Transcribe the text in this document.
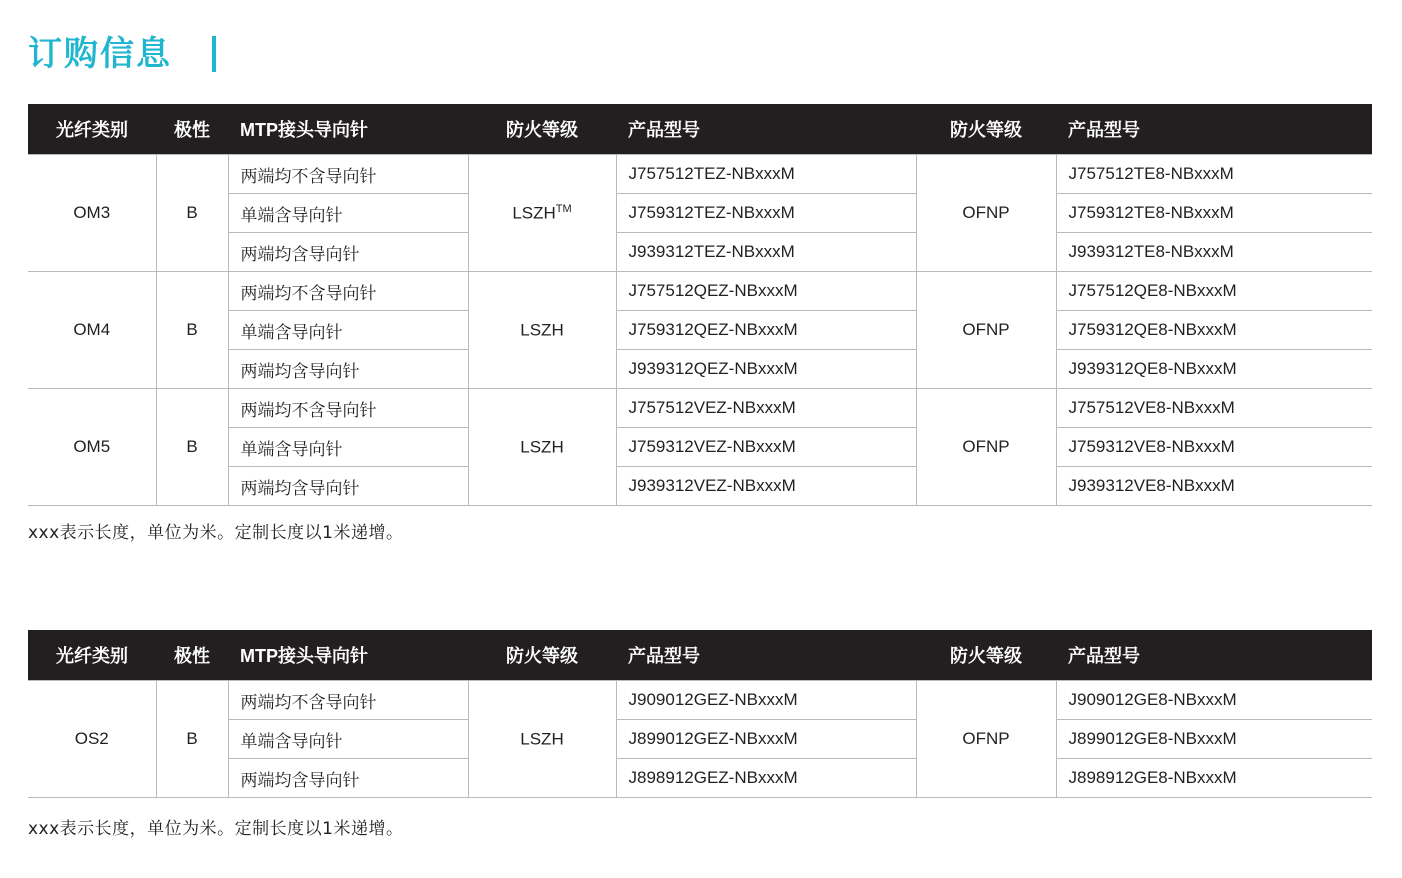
订购信息
光纤类别	极性	MTP接头导向针	防火等级	产品型号	防火等级	产品型号
OM3	B	两端均不含导向针	LSZH™	J757512TEZ-NBxxxM	OFNP	J757512TE8-NBxxxM
		单端含导向针		J759312TEZ-NBxxxM		J759312TE8-NBxxxM
		两端均含导向针		J939312TEZ-NBxxxM		J939312TE8-NBxxxM
OM4	B	两端均不含导向针	LSZH	J757512QEZ-NBxxxM	OFNP	J757512QE8-NBxxxM
		单端含导向针		J759312QEZ-NBxxxM		J759312QE8-NBxxxM
		两端均含导向针		J939312QEZ-NBxxxM		J939312QE8-NBxxxM
OM5	B	两端均不含导向针	LSZH	J757512VEZ-NBxxxM	OFNP	J757512VE8-NBxxxM
		单端含导向针		J759312VEZ-NBxxxM		J759312VE8-NBxxxM
		两端均含导向针		J939312VEZ-NBxxxM		J939312VE8-NBxxxM
xxx表示长度，单位为米。定制长度以1米递增。
光纤类别	极性	MTP接头导向针	防火等级	产品型号	防火等级	产品型号
OS2	B	两端均不含导向针	LSZH	J909012GEZ-NBxxxM	OFNP	J909012GE8-NBxxxM
		单端含导向针		J899012GEZ-NBxxxM		J899012GE8-NBxxxM
		两端均含导向针		J898912GEZ-NBxxxM		J898912GE8-NBxxxM
xxx表示长度，单位为米。定制长度以1米递增。
